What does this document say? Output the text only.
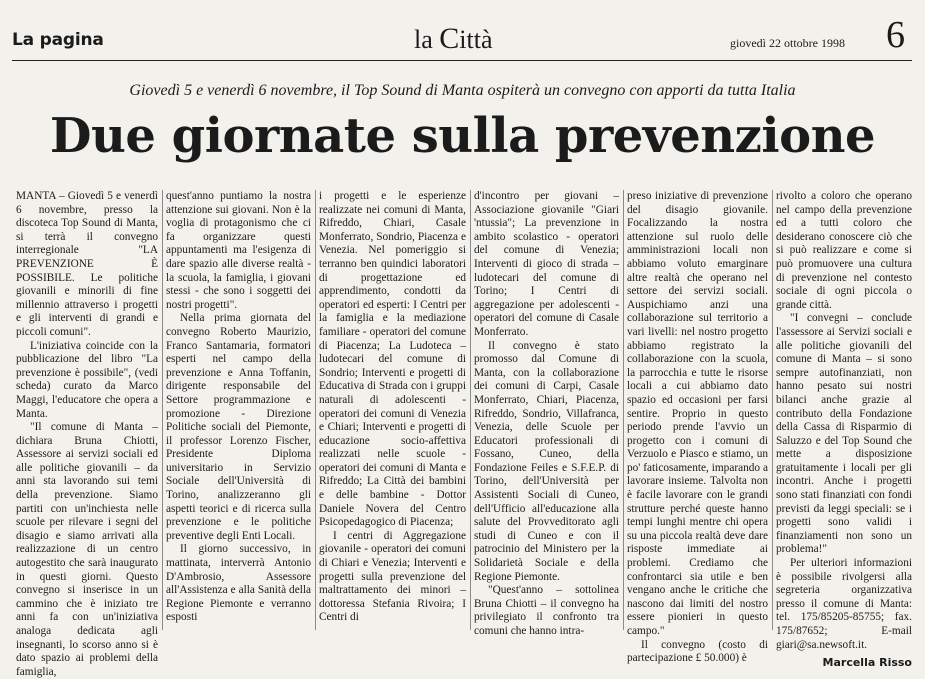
La pagina	la Città	giovedì 22 ottobre 1998 6
Giovedì 5 e venerdì 6 novembre, il Top Sound di Manta ospiterà un convegno con apporti da tutta Italia
Due giornate sulla prevenzione

MANTA – Giovedì 5 e venerdì 6 novembre, presso la discoteca Top Sound di Manta, si terrà il convegno interregionale "LA PREVENZIONE È POSSIBILE. Le politiche giovanili e minorili di fine millennio attraverso i progetti e gli interventi di grandi e piccoli comuni".

L'iniziativa coincide con la pubblicazione del libro "La prevenzione è possibile", (vedi scheda) curato da Marco Maggi, l'educatore che opera a Manta.

"Il comune di Manta – dichiara Bruna Chiotti, Assessore ai servizi sociali ed alle politiche giovanili – da anni sta lavorando sui temi della prevenzione. Siamo partiti con un'inchiesta nelle scuole per rilevare i segni del disagio e siamo arrivati alla realizzazione di un centro autogestito che sarà inaugurato in questi giorni. Questo convegno si inserisce in un cammino che è iniziato tre anni fa con un'iniziativa analoga dedicata agli insegnanti, lo scorso anno si è dato spazio ai problemi della famiglia,

quest'anno puntiamo la nostra attenzione sui giovani. Non è la voglia di protagonismo che ci fa organizzare questi appuntamenti ma l'esigenza di dare spazio alle diverse realtà - la scuola, la famiglia, i giovani stessi - che sono i soggetti dei nostri progetti".

Nella prima giornata del convegno Roberto Maurizio, Franco Santamaria, formatori esperti nel campo della prevenzione e Anna Toffanin, dirigente responsabile del Settore programmazione e promozione - Direzione Politiche sociali del Piemonte, il professor Lorenzo Fischer, Presidente Diploma universitario in Servizio Sociale dell'Università di Torino, analizzeranno gli aspetti teorici e di ricerca sulla prevenzione e le politiche preventive degli Enti Locali.

Il giorno successivo, in mattinata, interverrà Antonio D'Ambrosio, Assessore all'Assistenza e alla Sanità della Regione Piemonte e verranno esposti

i progetti e le esperienze realizzate nei comuni di Manta, Rifreddo, Chiari, Casale Monferrato, Sondrio, Piacenza e Venezia. Nel pomeriggio si terranno ben quindici laboratori di progettazione ed apprendimento, condotti da operatori ed esperti: I Centri per la famiglia e la mediazione familiare - operatori del comune di Piacenza; La Ludoteca – ludotecari del comune di Sondrio; Interventi e progetti di Educativa di Strada con i gruppi naturali di adolescenti - operatori dei comuni di Venezia e Chiari; Interventi e progetti di educazione socio-affettiva realizzati nelle scuole - operatori dei comuni di Manta e Rifreddo; La Città dei bambini e delle bambine - Dottor Daniele Novera del Centro Psicopedagogico di Piacenza;

I centri di Aggregazione giovanile - operatori dei comuni di Chiari e Venezia; Interventi e progetti sulla prevenzione del maltrattamento dei minori – dottoressa Stefania Rivoira; I Centri di

d'incontro per giovani – Associazione giovanile "Giari 'ntussia"; La prevenzione in ambito scolastico - operatori del comune di Venezia; Interventi di gioco di strada – ludotecari del comune di Torino; I Centri di aggregazione per adolescenti - operatori del comune di Casale Monferrato.

Il convegno è stato promosso dal Comune di Manta, con la collaborazione dei comuni di Carpi, Casale Monferrato, Chiari, Piacenza, Rifreddo, Sondrio, Villafranca, Venezia, delle Scuole per Educatori professionali di Fossano, Cuneo, della Fondazione Feiles e S.F.E.P. di Torino, dell'Università per Assistenti Sociali di Cuneo, dell'Ufficio all'educazione alla salute del Provveditorato agli studi di Cuneo e con il patrocinio del Ministero per la Solidarietà Sociale e della Regione Piemonte.

"Quest'anno – sottolinea Bruna Chiotti – il convegno ha privilegiato il confronto tra comuni che hanno intra-

preso iniziative di prevenzione del disagio giovanile. Focalizzando la nostra attenzione sul ruolo delle amministrazioni locali non abbiamo voluto emarginare altre realtà che operano nel settore dei servizi sociali. Auspichiamo anzi una collaborazione sul territorio a vari livelli: nel nostro progetto abbiamo registrato la collaborazione con la scuola, la parrocchia e tutte le risorse locali a cui abbiamo dato spazio ed occasioni per farsi sentire. Proprio in questo periodo prende l'avvio un progetto con i comuni di Verzuolo e Piasco e stiamo, un po' faticosamente, imparando a lavorare insieme. Talvolta non è facile lavorare con le grandi strutture perché queste hanno tempi lunghi mentre chi opera su una piccola realtà deve dare risposte immediate ai problemi. Crediamo che confrontarci sia utile e ben vengano anche le critiche che nascono dai limiti del nostro essere pionieri in questo campo."

Il convegno (costo di partecipazione £ 50.000) è

rivolto a coloro che operano nel campo della prevenzione ed a tutti coloro che desiderano conoscere ciò che si può realizzare e come si può promuovere una cultura di prevenzione nel contesto sociale di ogni piccola o grande città.

"I convegni – conclude l'assessore ai Servizi sociali e alle politiche giovanili del comune di Manta – si sono sempre autofinanziati, non hanno pesato sui nostri bilanci anche grazie al contributo della Fondazione della Cassa di Risparmio di Saluzzo e del Top Sound che mette a disposizione gratuitamente i locali per gli incontri. Anche i progetti sono stati finanziati con fondi previsti da leggi speciali: se i progetti sono validi i finanziamenti non sono un problema!"

Per ulteriori informazioni è possibile rivolgersi alla segreteria organizzativa presso il comune di Manta: tel. 175/85205-85755; fax. 175/87652; E-mail giari@sa.newsoft.it.

Marcella Risso
